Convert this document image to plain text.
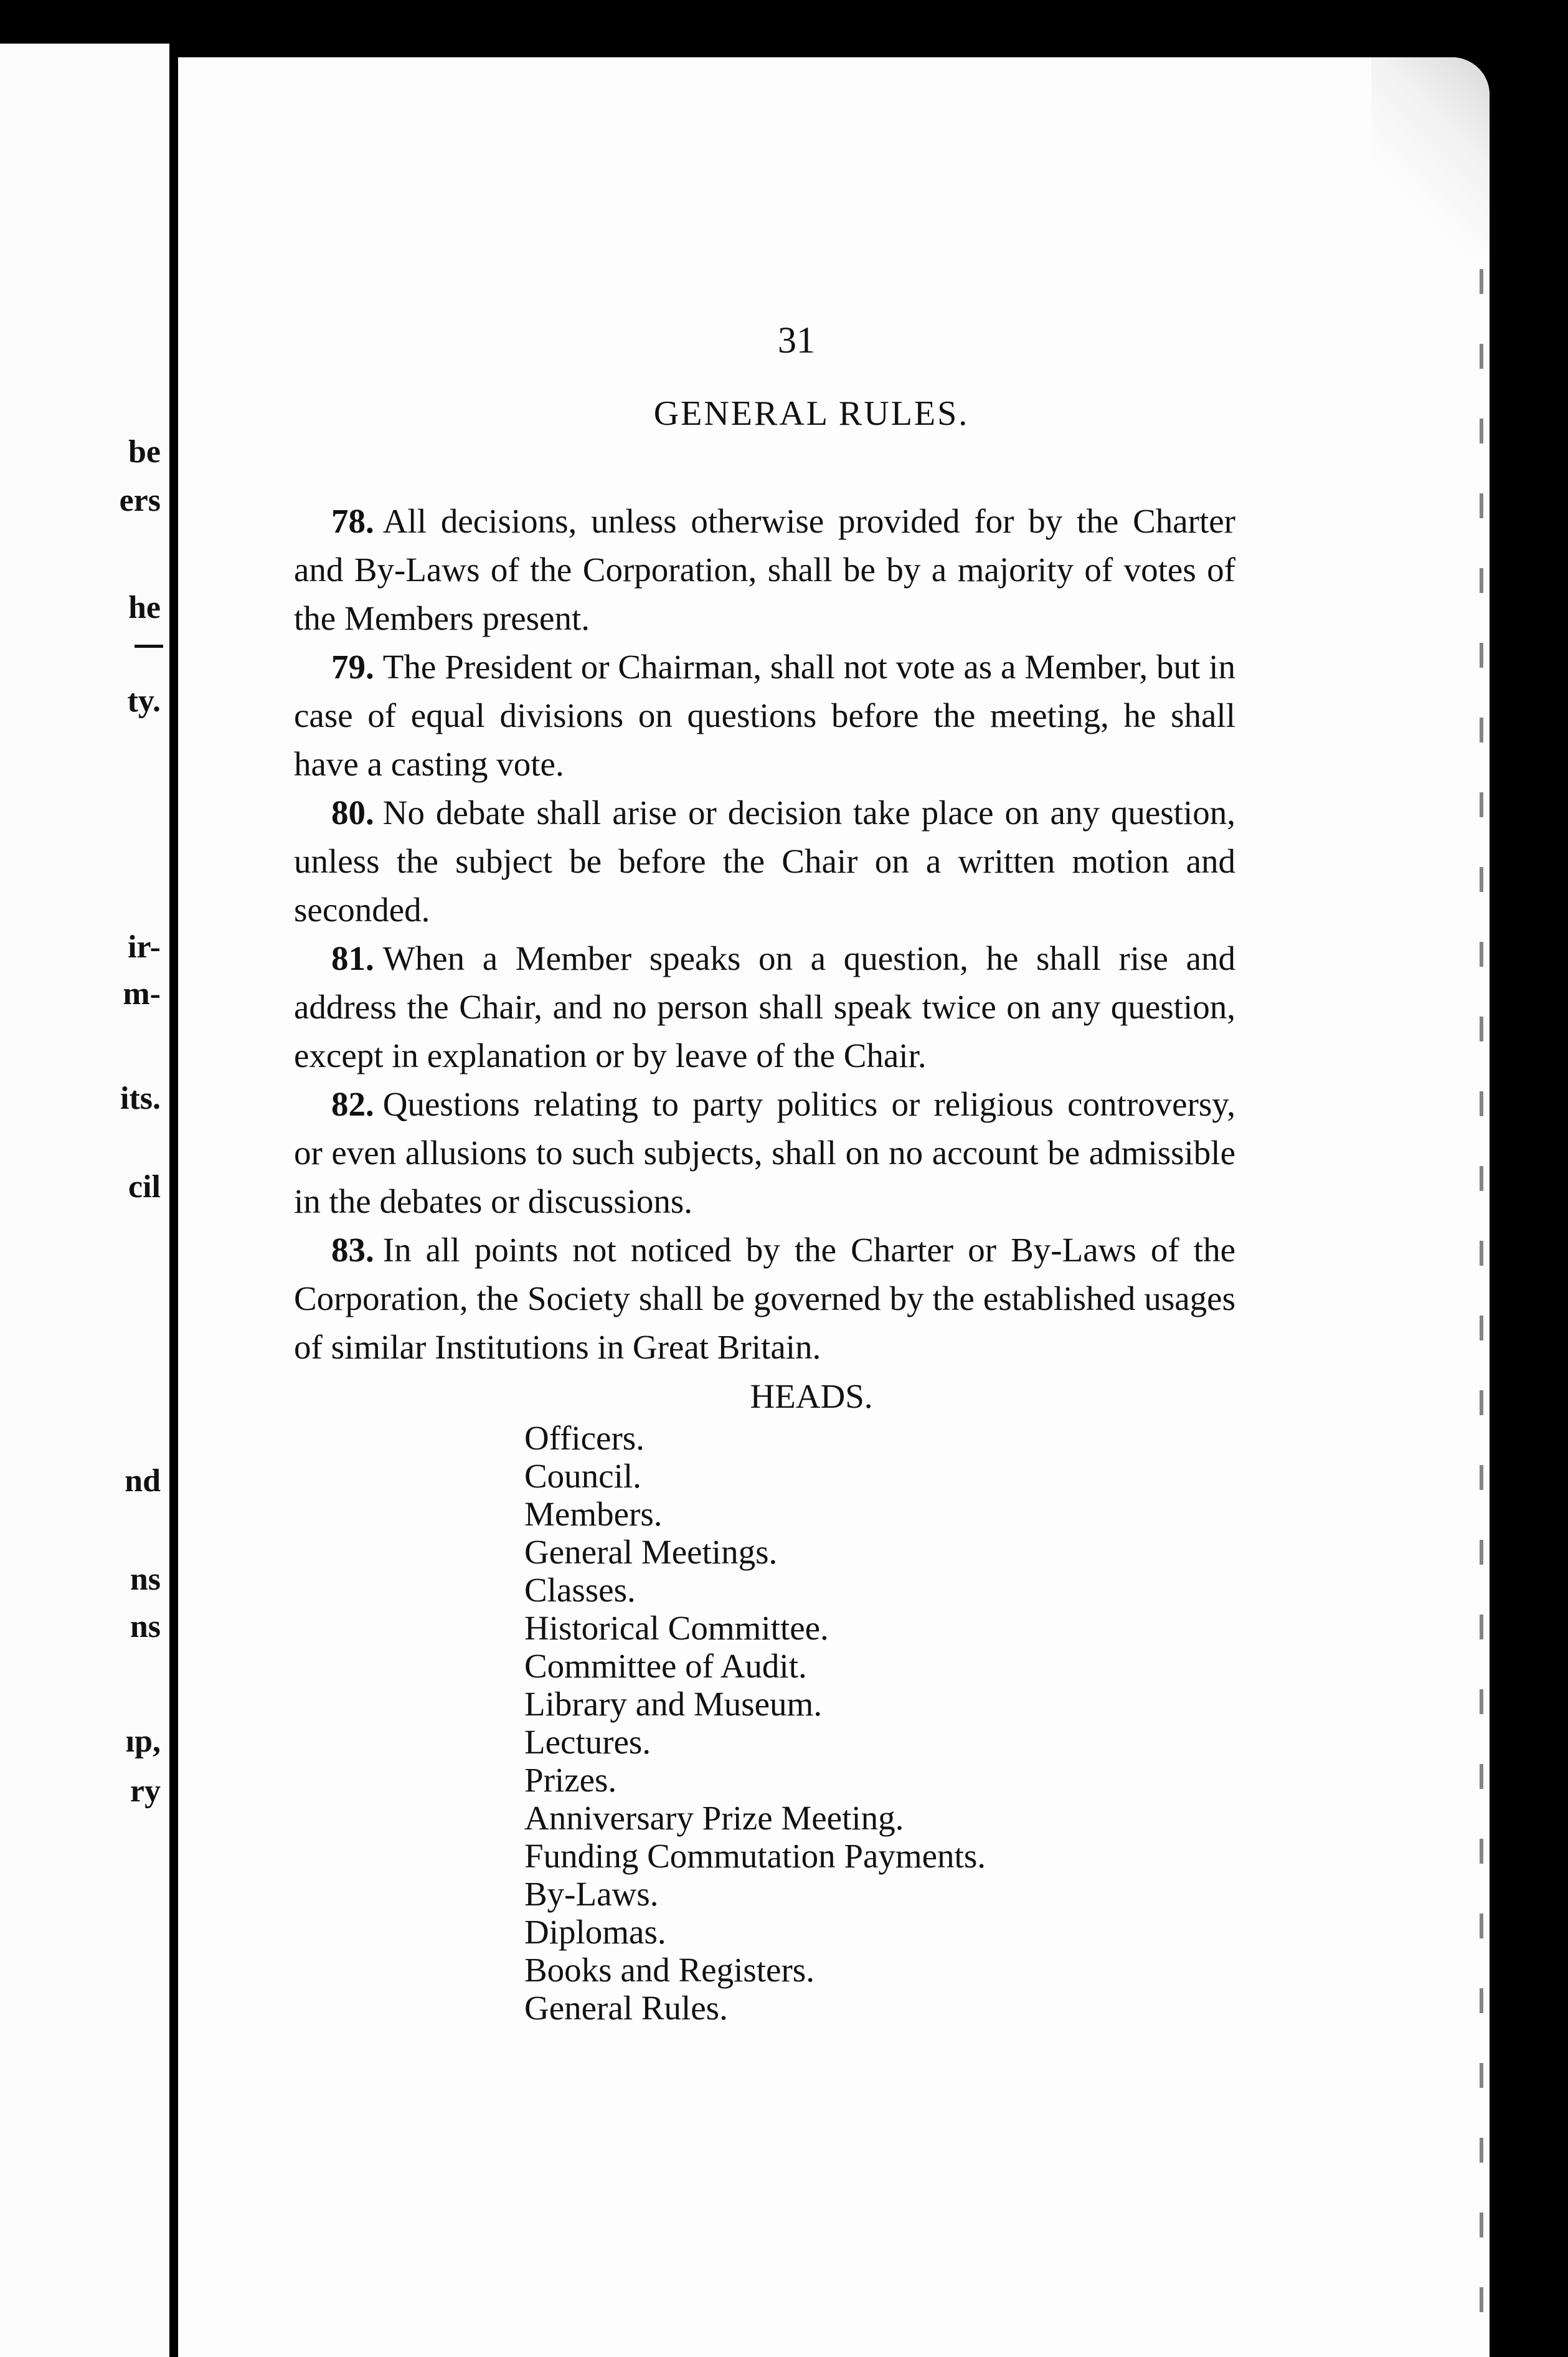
be
ers
he
ty.
ir-
m-
its.
cil
nd
ns
ns
ıp,
ry
31
GENERAL RULES.

78. All decisions, unless otherwise provided for by the Charter and By-Laws of the Corporation, shall be by a majority of votes of the Members present.

79. The President or Chairman, shall not vote as a Member, but in case of equal divisions on questions before the meeting, he shall have a casting vote.

80. No debate shall arise or decision take place on any question, unless the subject be before the Chair on a written motion and seconded.

81. When a Member speaks on a question, he shall rise and address the Chair, and no person shall speak twice on any question, except in explanation or by leave of the Chair.

82. Questions relating to party politics or religious controversy, or even allusions to such subjects, shall on no account be admissible in the debates or discussions.

83. In all points not noticed by the Charter or By-Laws of the Corporation, the Society shall be governed by the established usages of similar Institutions in Great Britain.

HEADS.
Officers.
Council.
Members.
General Meetings.
Classes.
Historical Committee.
Committee of Audit.
Library and Museum.
Lectures.
Prizes.
Anniversary Prize Meeting.
Funding Commutation Payments.
By-Laws.
Diplomas.
Books and Registers.
General Rules.
